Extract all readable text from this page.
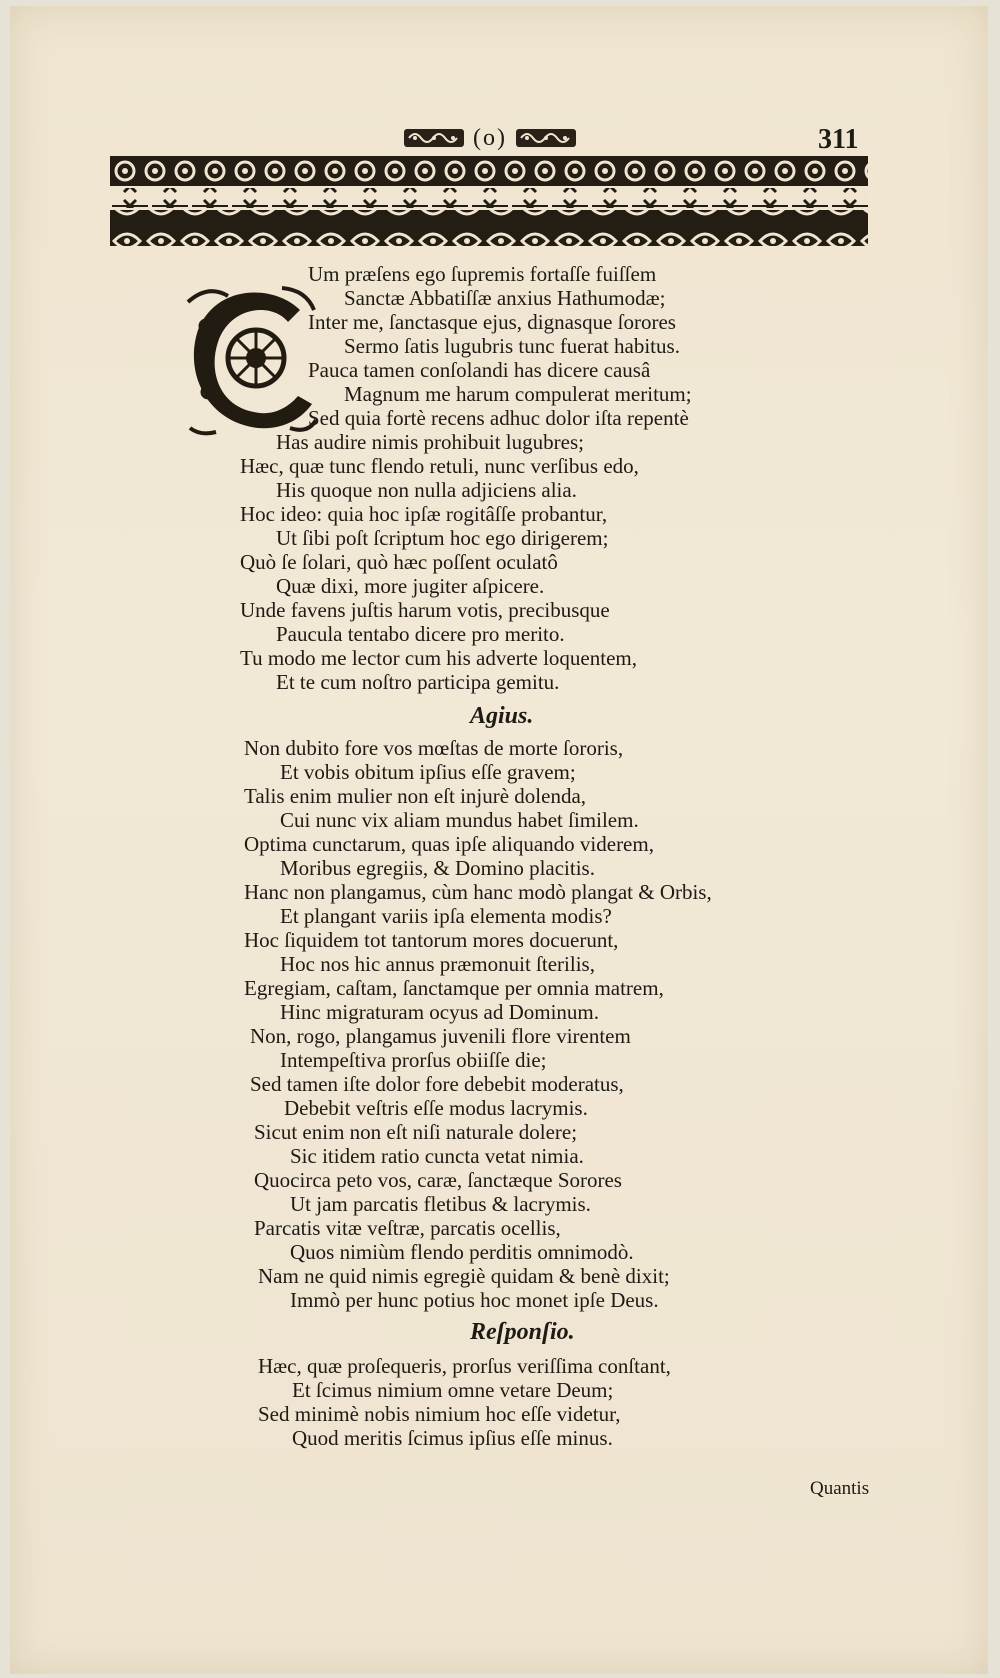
(o)	311
Um præſens ego ſupremis fortaſſe fuiſſem
Sanctæ Abbatiſſæ anxius Hathumodæ;
Inter me, ſanctasque ejus, dignasque ſorores
Sermo ſatis lugubris tunc fuerat habitus.
Pauca tamen conſolandi has dicere causâ
Magnum me harum compulerat meritum;
Sed quia fortè recens adhuc dolor iſta repentè
Has audire nimis prohibuit lugubres;
Hæc, quæ tunc flendo retuli, nunc verſibus edo,
His quoque non nulla adjiciens alia.
Hoc ideo: quia hoc ipſæ rogitâſſe probantur,
Ut ſibi poſt ſcriptum hoc ego dirigerem;
Quò ſe ſolari, quò hæc poſſent oculatô
Quæ dixi, more jugiter aſpicere.
Unde favens juſtis harum votis, precibusque
Paucula tentabo dicere pro merito.
Tu modo me lector cum his adverte loquentem,
Et te cum noſtro participa gemitu.
Non dubito fore vos mœſtas de morte ſororis,
Et vobis obitum ipſius eſſe gravem;
Talis enim mulier non eſt injurè dolenda,
Cui nunc vix aliam mundus habet ſimilem.
Optima cunctarum, quas ipſe aliquando viderem,
Moribus egregiis, & Domino placitis.
Hanc non plangamus, cùm hanc modò plangat & Orbis,
Et plangant variis ipſa elementa modis?
Hoc ſiquidem tot tantorum mores docuerunt,
Hoc nos hic annus præmonuit ſterilis,
Egregiam, caſtam, ſanctamque per omnia matrem,
Hinc migraturam ocyus ad Dominum.
Non, rogo, plangamus juvenili flore virentem
Intempeſtiva prorſus obiiſſe die;
Sed tamen iſte dolor fore debebit moderatus,
Debebit veſtris eſſe modus lacrymis.
Sicut enim non eſt niſi naturale dolere;
Sic itidem ratio cuncta vetat nimia.
Quocirca peto vos, caræ, ſanctæque Sorores
Ut jam parcatis fletibus & lacrymis.
Parcatis vitæ veſtræ, parcatis ocellis,
Quos nimiùm flendo perditis omnimodò.
Nam ne quid nimis egregiè quidam & benè dixit;
Immò per hunc potius hoc monet ipſe Deus.
Hæc, quæ proſequeris, prorſus veriſſima conſtant,
Et ſcimus nimium omne vetare Deum;
Sed minimè nobis nimium hoc eſſe videtur,
Quod meritis ſcimus ipſius eſſe minus.
Agius.
Reſponſio.
Quantis
